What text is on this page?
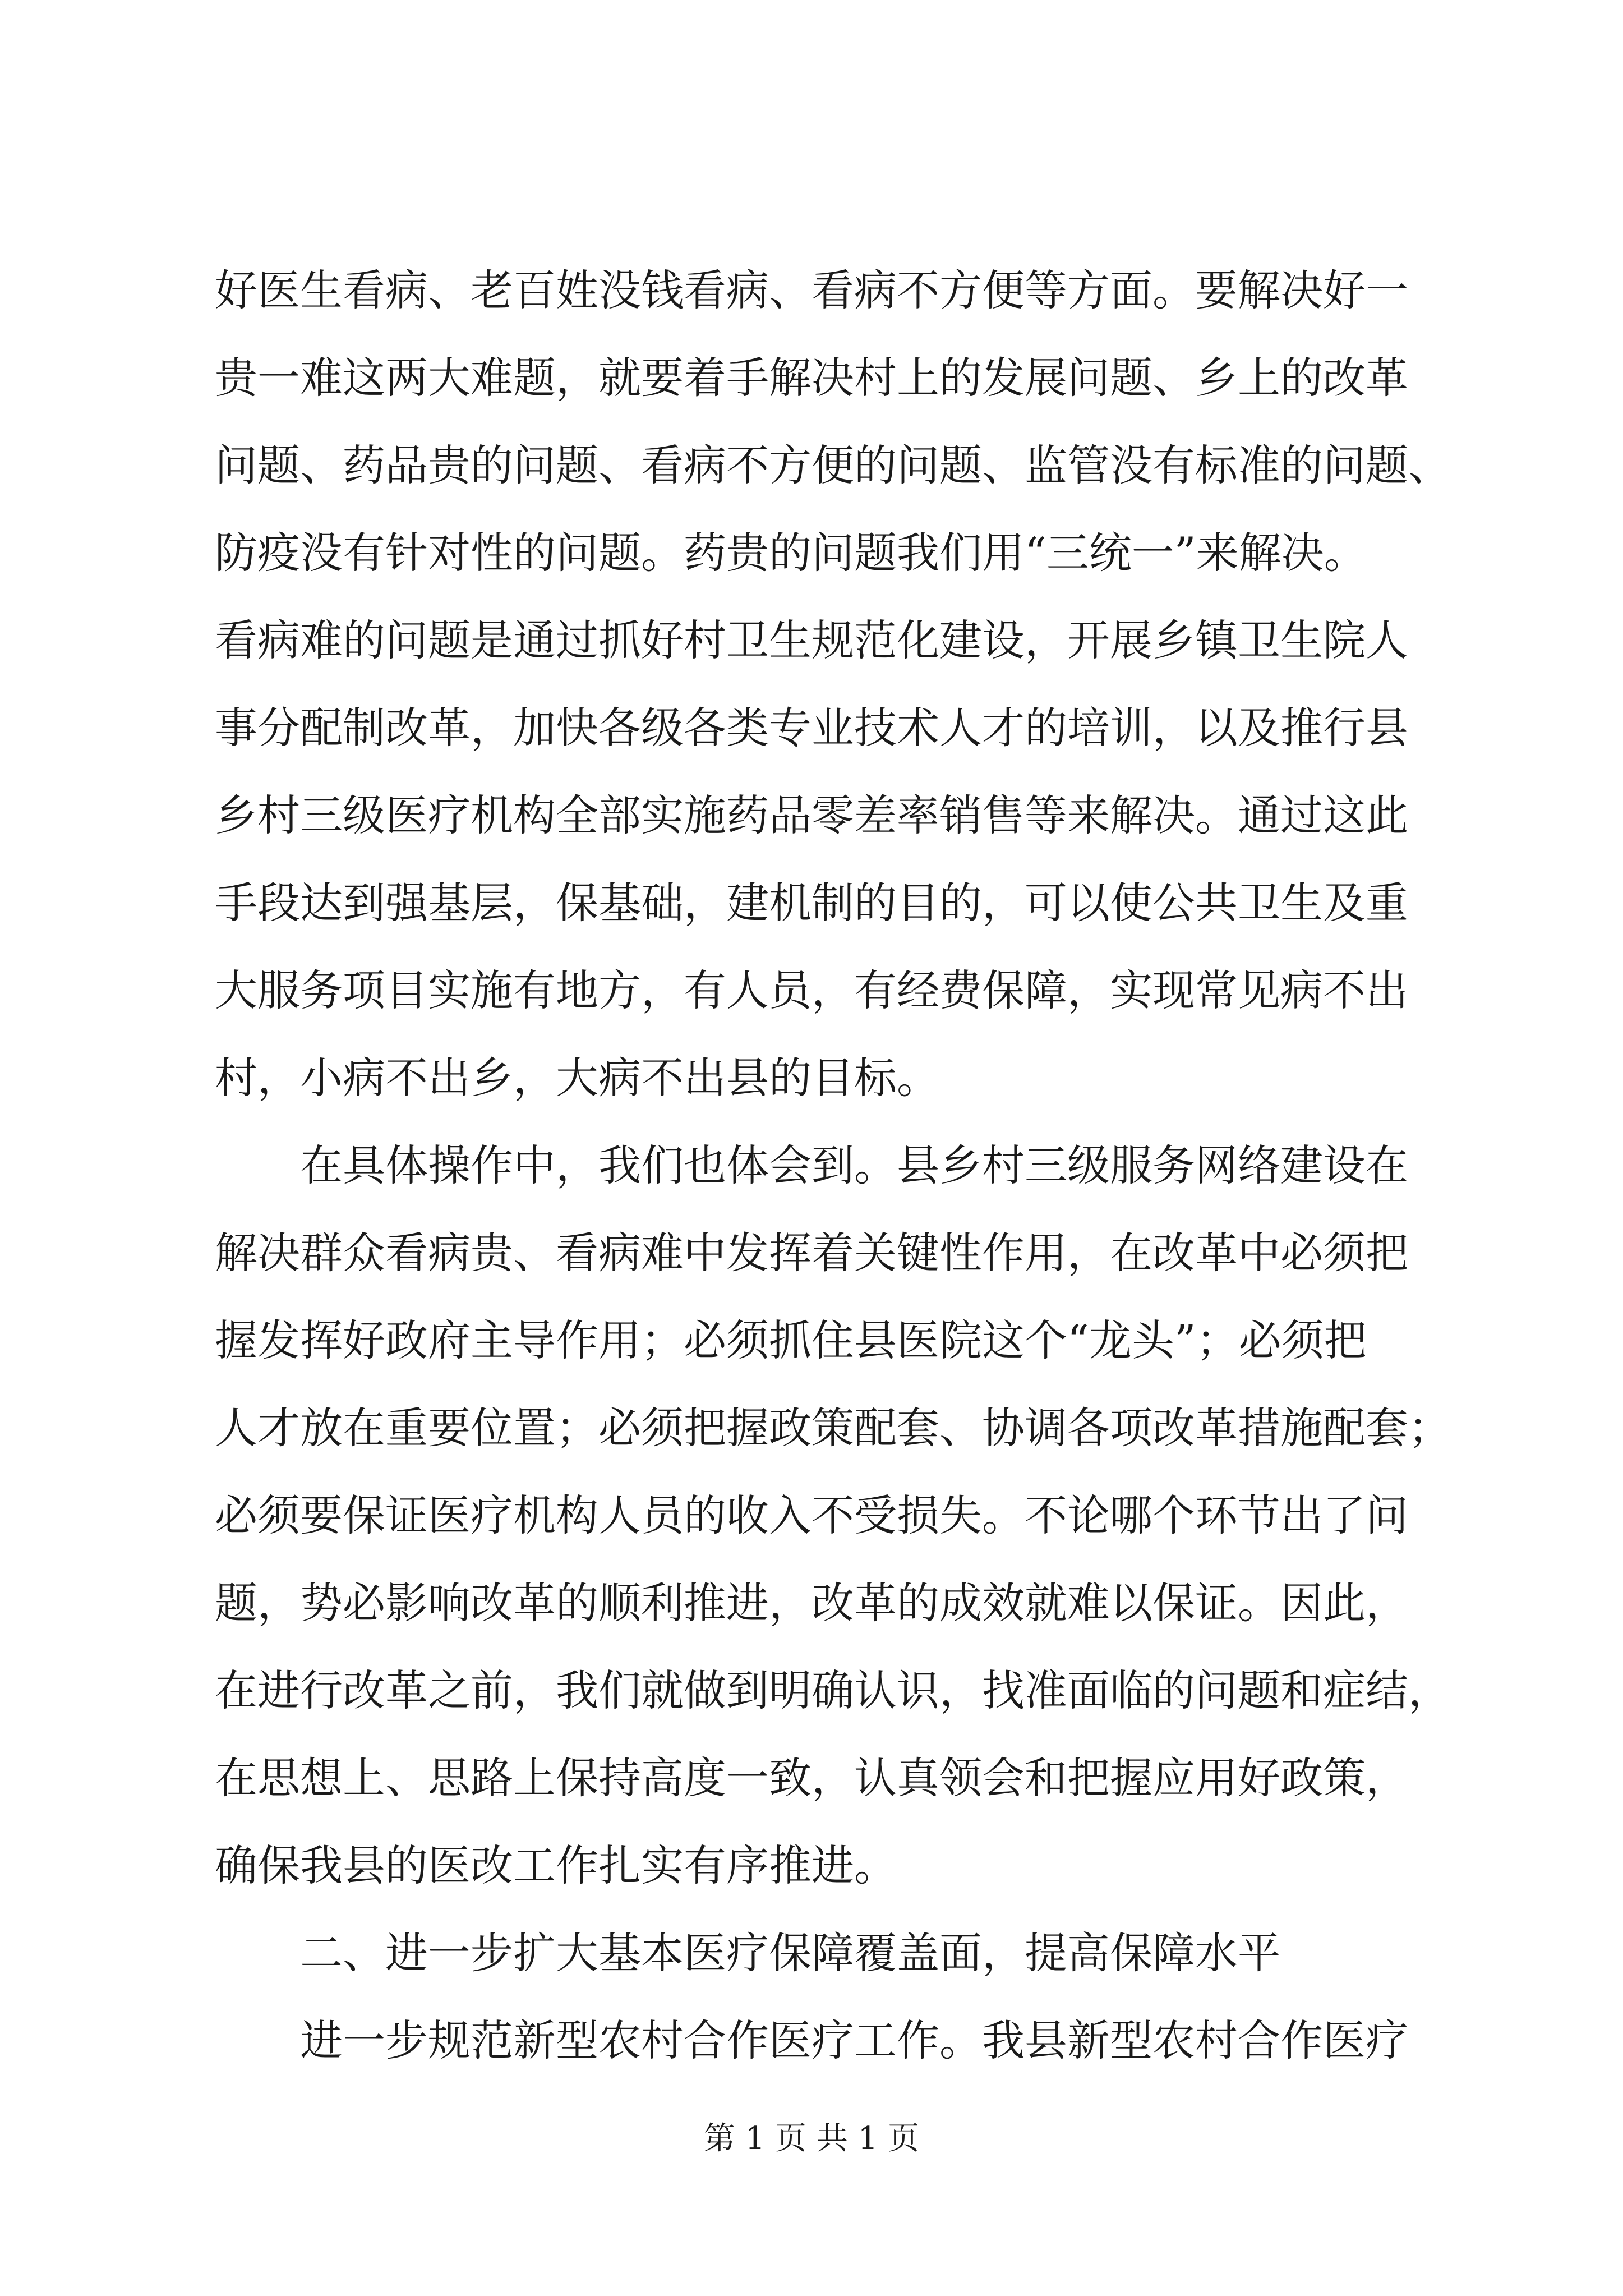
好医生看病、老百姓没钱看病、看病不方便等方面。要解决好一
贵一难这两大难题，就要着手解决村上的发展问题、乡上的改革
问题、药品贵的问题、看病不方便的问题、监管没有标准的问题、
防疫没有针对性的问题。药贵的问题我们用“三统一”来解决。
看病难的问题是通过抓好村卫生规范化建设，开展乡镇卫生院人
事分配制改革，加快各级各类专业技术人才的培训，以及推行县
乡村三级医疗机构全部实施药品零差率销售等来解决。通过这此
手段达到强基层，保基础，建机制的目的，可以使公共卫生及重
大服务项目实施有地方，有人员，有经费保障，实现常见病不出
村，小病不出乡，大病不出县的目标。
　　在具体操作中，我们也体会到。县乡村三级服务网络建设在
解决群众看病贵、看病难中发挥着关键性作用，在改革中必须把
握发挥好政府主导作用；必须抓住县医院这个“龙头”；必须把
人才放在重要位置；必须把握政策配套、协调各项改革措施配套；
必须要保证医疗机构人员的收入不受损失。不论哪个环节出了问
题，势必影响改革的顺利推进，改革的成效就难以保证。因此，
在进行改革之前，我们就做到明确认识，找准面临的问题和症结，
在思想上、思路上保持高度一致，认真领会和把握应用好政策，
确保我县的医改工作扎实有序推进。
　　二、进一步扩大基本医疗保障覆盖面，提高保障水平
　　进一步规范新型农村合作医疗工作。我县新型农村合作医疗
第 1 页 共 1 页
